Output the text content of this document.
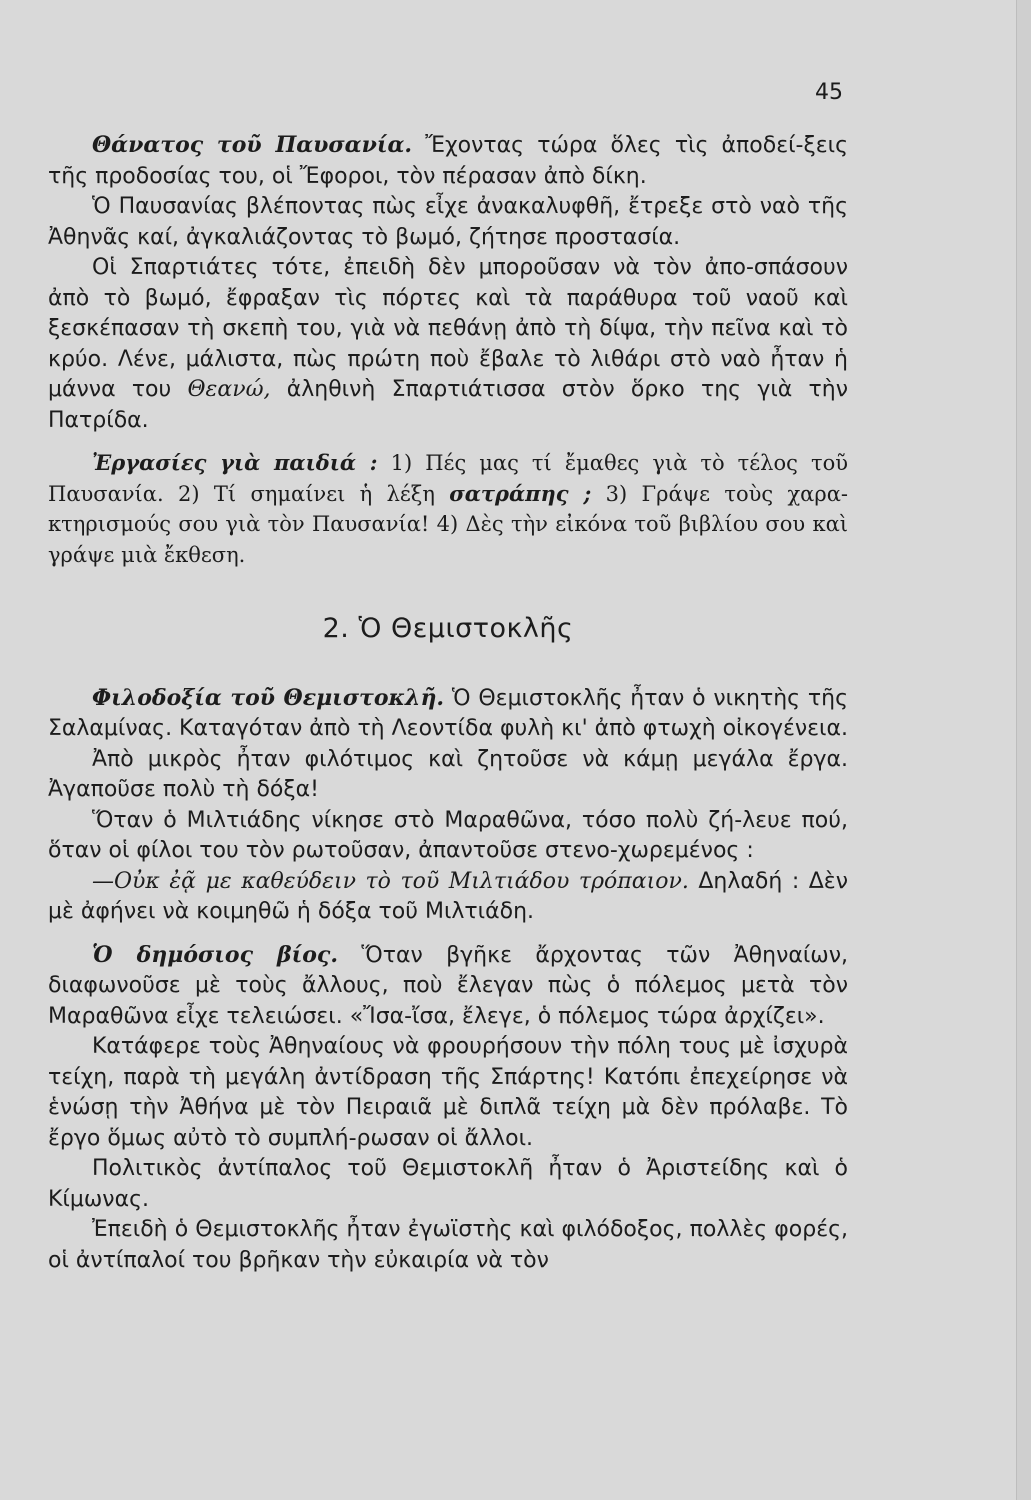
45

Θάνατος τοῦ Παυσανία. Ἔχοντας τώρα ὅλες τὶς ἀποδεί-ξεις τῆς προδοσίας του, οἱ Ἔφοροι, τὸν πέρασαν ἀπὸ δίκη.

Ὁ Παυσανίας βλέποντας πὼς εἶχε ἀνακαλυφθῆ, ἔτρεξε στὸ ναὸ τῆς Ἀθηνᾶς καί, ἀγκαλιάζοντας τὸ βωμό, ζήτησε προστασία.

Οἱ Σπαρτιάτες τότε, ἐπειδὴ δὲν μποροῦσαν νὰ τὸν ἀπο-σπάσουν ἀπὸ τὸ βωμό, ἔφραξαν τὶς πόρτες καὶ τὰ παράθυρα τοῦ ναοῦ καὶ ξεσκέπασαν τὴ σκεπὴ του, γιὰ νὰ πεθάνῃ ἀπὸ τὴ δίψα, τὴν πεῖνα καὶ τὸ κρύο. Λένε, μάλιστα, πὼς πρώτη ποὺ ἔβαλε τὸ λιθάρι στὸ ναὸ ἦταν ἡ μάννα του Θεανώ, ἀληθινὴ Σπαρτιάτισσα στὸν ὅρκο της γιὰ τὴν Πατρίδα.

Ἐργασίες γιὰ παιδιά : 1) Πές μας τί ἔμαθες γιὰ τὸ τέλος τοῦ Παυσανία. 2) Τί σημαίνει ἡ λέξη σατράπης ; 3) Γράψε τοὺς χαρα-κτηρισμούς σου γιὰ τὸν Παυσανία! 4) Δὲς τὴν εἰκόνα τοῦ βιβλίου σου καὶ γράψε μιὰ ἔκθεση.

2. Ὁ Θεμιστοκλῆς

Φιλοδοξία τοῦ Θεμιστοκλῆ. Ὁ Θεμιστοκλῆς ἦταν ὁ νικητὴς τῆς Σαλαμίνας. Καταγόταν ἀπὸ τὴ Λεοντίδα φυλὴ κι' ἀπὸ φτωχὴ οἰκογένεια.

Ἀπὸ μικρὸς ἦταν φιλότιμος καὶ ζητοῦσε νὰ κάμῃ μεγάλα ἔργα. Ἀγαποῦσε πολὺ τὴ δόξα!

Ὅταν ὁ Μιλτιάδης νίκησε στὸ Μαραθῶνα, τόσο πολὺ ζή-λευε πού, ὅταν οἱ φίλοι του τὸν ρωτοῦσαν, ἀπαντοῦσε στενο-χωρεμένος :

—Οὐκ ἐᾷ με καθεύδειν τὸ τοῦ Μιλτιάδου τρόπαιον. Δηλαδή : Δὲν μὲ ἀφήνει νὰ κοιμηθῶ ἡ δόξα τοῦ Μιλτιάδη.

Ὁ δημόσιος βίος. Ὅταν βγῆκε ἄρχοντας τῶν Ἀθηναίων, διαφωνοῦσε μὲ τοὺς ἄλλους, ποὺ ἔλεγαν πὼς ὁ πόλεμος μετὰ τὸν Μαραθῶνα εἶχε τελειώσει. «Ἴσα-ἴσα, ἔλεγε, ὁ πόλεμος τώρα ἀρχίζει».

Κατάφερε τοὺς Ἀθηναίους νὰ φρουρήσουν τὴν πόλη τους μὲ ἰσχυρὰ τείχη, παρὰ τὴ μεγάλη ἀντίδραση τῆς Σπάρτης! Κατόπι ἐπεχείρησε νὰ ἑνώσῃ τὴν Ἀθήνα μὲ τὸν Πειραιᾶ μὲ διπλᾶ τείχη μὰ δὲν πρόλαβε. Τὸ ἔργο ὅμως αὐτὸ τὸ συμπλή-ρωσαν οἱ ἄλλοι.

Πολιτικὸς ἀντίπαλος τοῦ Θεμιστοκλῆ ἦταν ὁ Ἀριστείδης καὶ ὁ Κίμωνας.

Ἐπειδὴ ὁ Θεμιστοκλῆς ἦταν ἐγωϊστὴς καὶ φιλόδοξος, πολλὲς φορές, οἱ ἀντίπαλοί του βρῆκαν τὴν εὐκαιρία νὰ τὸν
